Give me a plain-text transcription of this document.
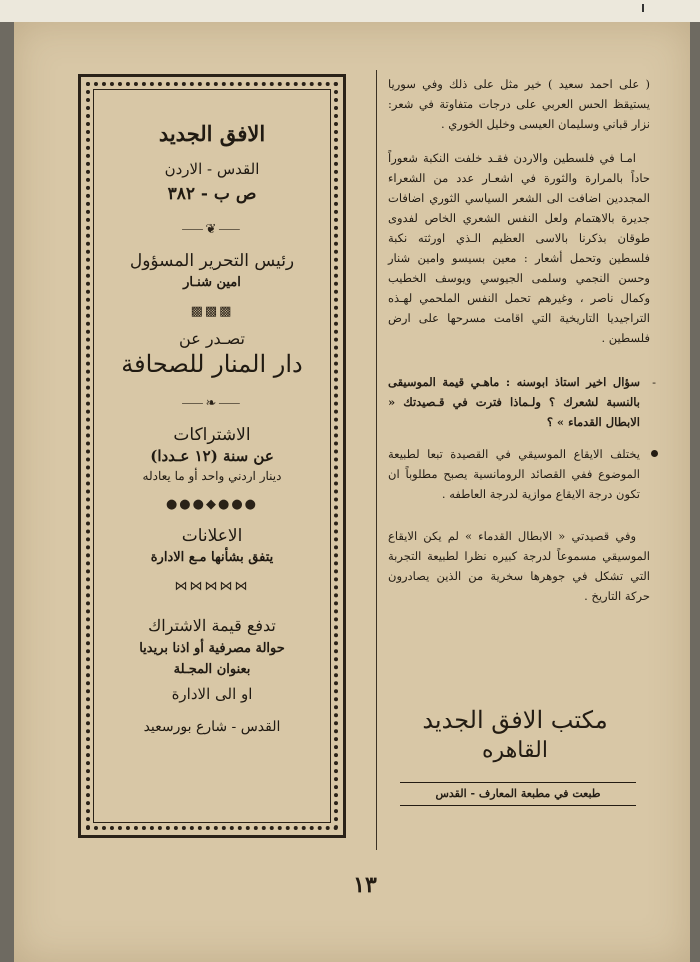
الافق الجديد
القدس - الاردن
ص ب - ٣٨٢
⸺❦⸺
رئيس التحرير المسؤول
امين شنـار
▩▩▩
تصـدر عن
دار المنار للصحافة
⸺❧⸺
الاشتراكات
عن سنة (١٢ عـددا)
دينار اردني واحد أو ما يعادله
●●●◆●●●
الاعلانات
يتفق بشأنها مـع الادارة
⋈⋈⋈⋈⋈
تدفع قيمة الاشتراك
حوالة مصرفية أو اذنا بريديا
بعنوان المجـلة
او الى الادارة
القدس - شارع بورسعيد

( على احمد سعيد ) خير مثل على ذلك وفي سوريا يستيقظ الحس العربي على درجات متفاوتة في شعر: نزار قباني وسليمان العيسى وخليل الخوري .

امـا في فلسطين والاردن فقـد خلفت النكبة شعوراً حاداً بالمرارة والثورة في اشعـار عدد من الشعراء المجددين اضافت الى الشعر السياسي الثوري اضافات جديرة بالاهتمام ولعل النفس الشعري الخاص لفدوى طوقان بذكرنا بالاسى العظيم الـذي اورثته نكبة فلسطين وتحمل أشعار : معين بسيسو وامين شنار وحسن النجمي وسلمى الجيوسي ويوسف الخطيب وكمال ناصر ، وغيرهم تحمل النفس الملحمي لهـذه التراجيديا التاريخية التي اقامت مسرحها على ارض فلسطين .

-
سؤال اخير استاذ ابوسنه : ماهـي قيمة الموسيقى بالنسبة لشعرك ؟ ولـماذا فترت في قـصيدتك « الابطال القدماء » ؟

يختلف الايقاع الموسيقي في القصيدة تبعا لطبيعة الموضوع ففي القصائد الرومانسية يصبح مطلوباً ان تكون درجة الايقاع موازية لدرجة العاطفه .

وفي قصيدتي « الابطال القدماء » لم يكن الايقاع الموسيقي مسموعاً لدرجة كبيره نظرا لطبيعة التجربة التي تشكل في جوهرها سخرية من الذين يصادرون حركة التاريخ .

مكتب الافق الجديد
القاهره
طبعت في مطبعة المعارف - القدس
١٣
